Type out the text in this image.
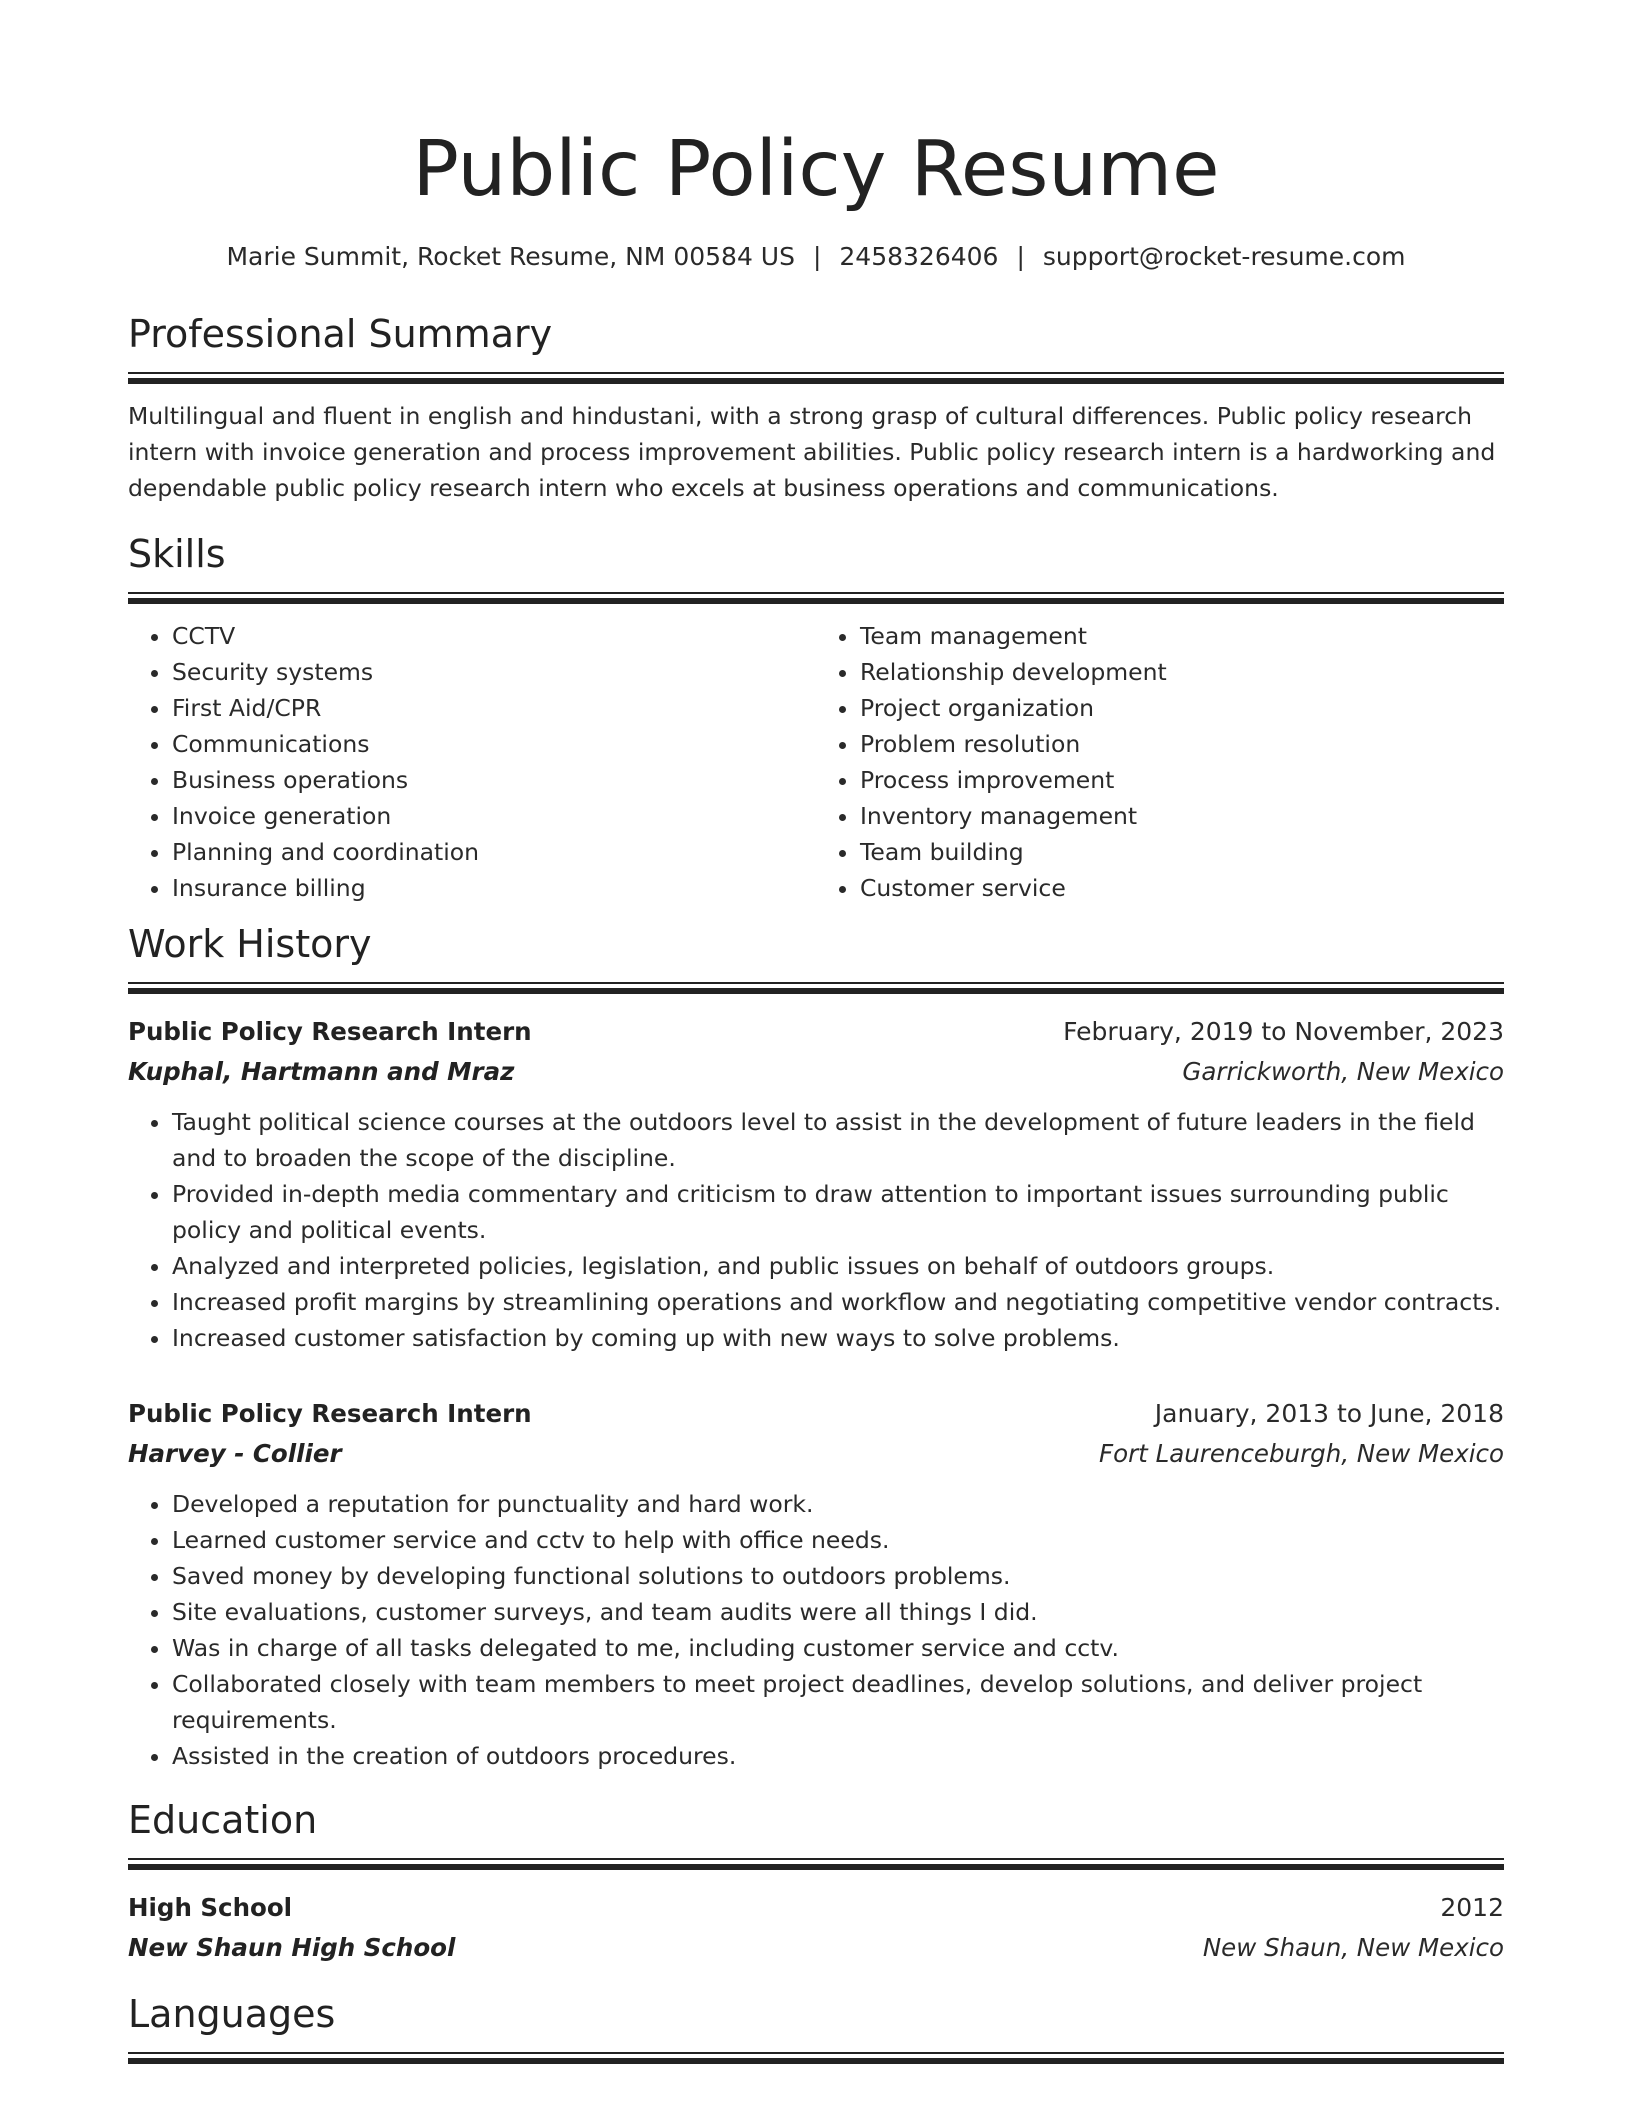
Public Policy Resume
Marie Summit, Rocket Resume, NM 00584 US | 2458326406 | support@rocket-resume.com
Professional Summary

Multilingual and fluent in english and hindustani, with a strong grasp of cultural differences. Public policy research intern with invoice generation and process improvement abilities. Public policy research intern is a hardworking and dependable public policy research intern who excels at business operations and communications.

Skills
• CCTV
• Security systems
• First Aid/CPR
• Communications
• Business operations
• Invoice generation
• Planning and coordination
• Insurance billing
• Team management
• Relationship development
• Project organization
• Problem resolution
• Process improvement
• Inventory management
• Team building
• Customer service
Work History
Public Policy Research Intern	February, 2019 to November, 2023
Kuphal, Hartmann and Mraz	Garrickworth, New Mexico
• Taught political science courses at the outdoors level to assist in the development of future leaders in the field and to broaden the scope of the discipline.
• Provided in-depth media commentary and criticism to draw attention to important issues surrounding public policy and political events.
• Analyzed and interpreted policies, legislation, and public issues on behalf of outdoors groups.
• Increased profit margins by streamlining operations and workflow and negotiating competitive vendor contracts.
• Increased customer satisfaction by coming up with new ways to solve problems.
Public Policy Research Intern	January, 2013 to June, 2018
Harvey - Collier	Fort Laurenceburgh, New Mexico
• Developed a reputation for punctuality and hard work.
• Learned customer service and cctv to help with office needs.
• Saved money by developing functional solutions to outdoors problems.
• Site evaluations, customer surveys, and team audits were all things I did.
• Was in charge of all tasks delegated to me, including customer service and cctv.
• Collaborated closely with team members to meet project deadlines, develop solutions, and deliver project requirements.
• Assisted in the creation of outdoors procedures.
Education
High School	2012
New Shaun High School	New Shaun, New Mexico
Languages
